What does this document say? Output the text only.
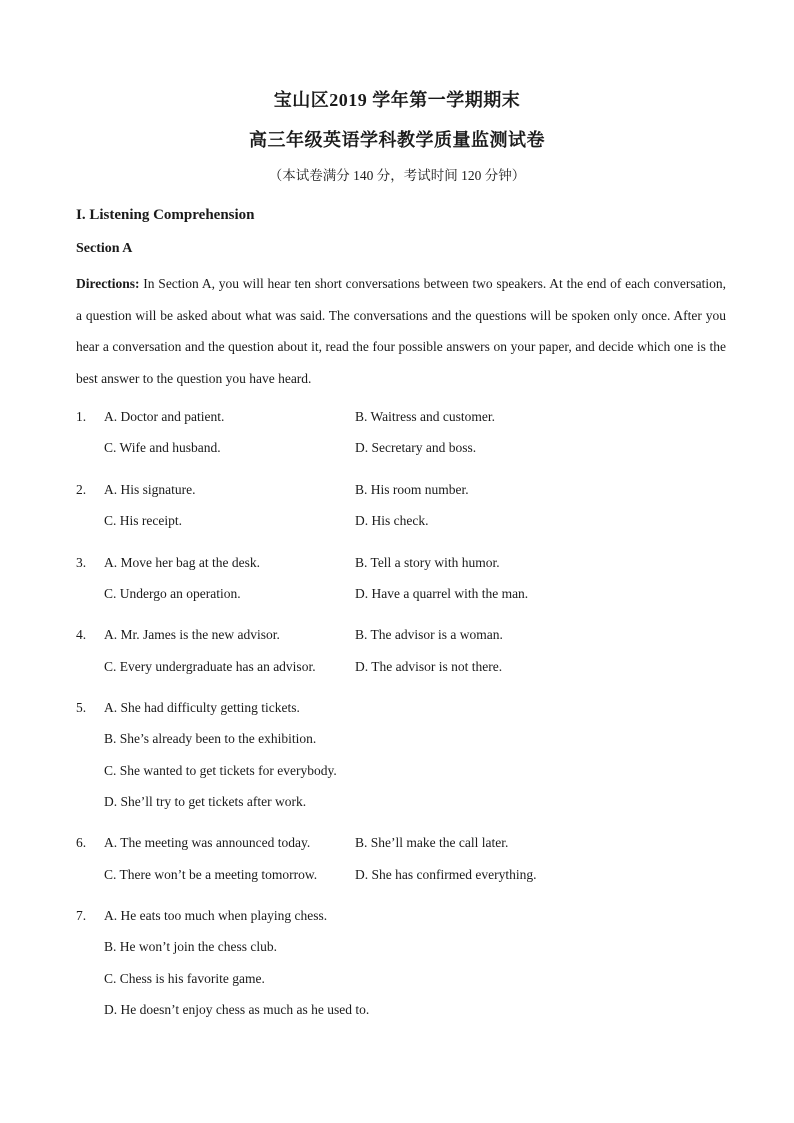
宝山区2019 学年第一学期期末
高三年级英语学科教学质量监测试卷
（本试卷满分 140 分，考试时间 120 分钟）
I. Listening Comprehension
Section A
Directions: In Section A, you will hear ten short conversations between two speakers. At the end of each conversation, a question will be asked about what was said. The conversations and the questions will be spoken only once. After you hear a conversation and the question about it, read the four possible answers on your paper, and decide which one is the best answer to the question you have heard.
1. A. Doctor and patient.	B. Waitress and customer.
C. Wife and husband.	D. Secretary and boss.
2. A. His signature.	B. His room number.
C. His receipt.	D. His check.
3. A. Move her bag at the desk.	B. Tell a story with humor.
C. Undergo an operation.	D. Have a quarrel with the man.
4. A. Mr. James is the new advisor.	B. The advisor is a woman.
C. Every undergraduate has an advisor.	D. The advisor is not there.
5. A. She had difficulty getting tickets.
B. She’s already been to the exhibition.
C. She wanted to get tickets for everybody.
D. She’ll try to get tickets after work.
6. A. The meeting was announced today.	B. She’ll make the call later.
C. There won’t be a meeting tomorrow.	D. She has confirmed everything.
7. A. He eats too much when playing chess.
B. He won’t join the chess club.
C. Chess is his favorite game.
D. He doesn’t enjoy chess as much as he used to.
